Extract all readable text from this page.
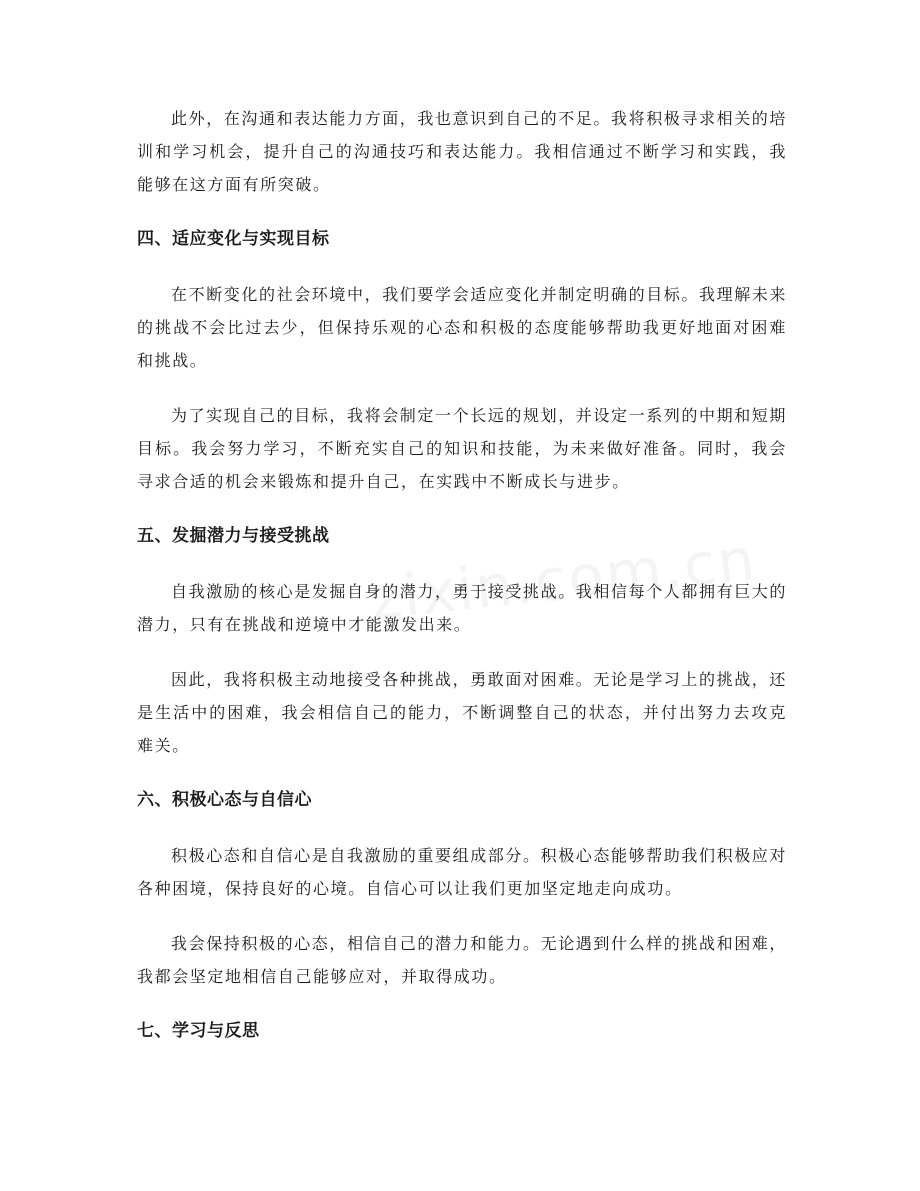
此外，在沟通和表达能力方面，我也意识到自己的不足。我将积极寻求相关的培训和学习机会，提升自己的沟通技巧和表达能力。我相信通过不断学习和实践，我能够在这方面有所突破。

四、适应变化与实现目标

在不断变化的社会环境中，我们要学会适应变化并制定明确的目标。我理解未来的挑战不会比过去少，但保持乐观的心态和积极的态度能够帮助我更好地面对困难和挑战。

为了实现自己的目标，我将会制定一个长远的规划，并设定一系列的中期和短期目标。我会努力学习，不断充实自己的知识和技能，为未来做好准备。同时，我会寻求合适的机会来锻炼和提升自己，在实践中不断成长与进步。

五、发掘潜力与接受挑战

自我激励的核心是发掘自身的潜力，勇于接受挑战。我相信每个人都拥有巨大的潜力，只有在挑战和逆境中才能激发出来。

因此，我将积极主动地接受各种挑战，勇敢面对困难。无论是学习上的挑战，还是生活中的困难，我会相信自己的能力，不断调整自己的状态，并付出努力去攻克难关。

六、积极心态与自信心

积极心态和自信心是自我激励的重要组成部分。积极心态能够帮助我们积极应对各种困境，保持良好的心境。自信心可以让我们更加坚定地走向成功。

我会保持积极的心态，相信自己的潜力和能力。无论遇到什么样的挑战和困难，我都会坚定地相信自己能够应对，并取得成功。

七、学习与反思
